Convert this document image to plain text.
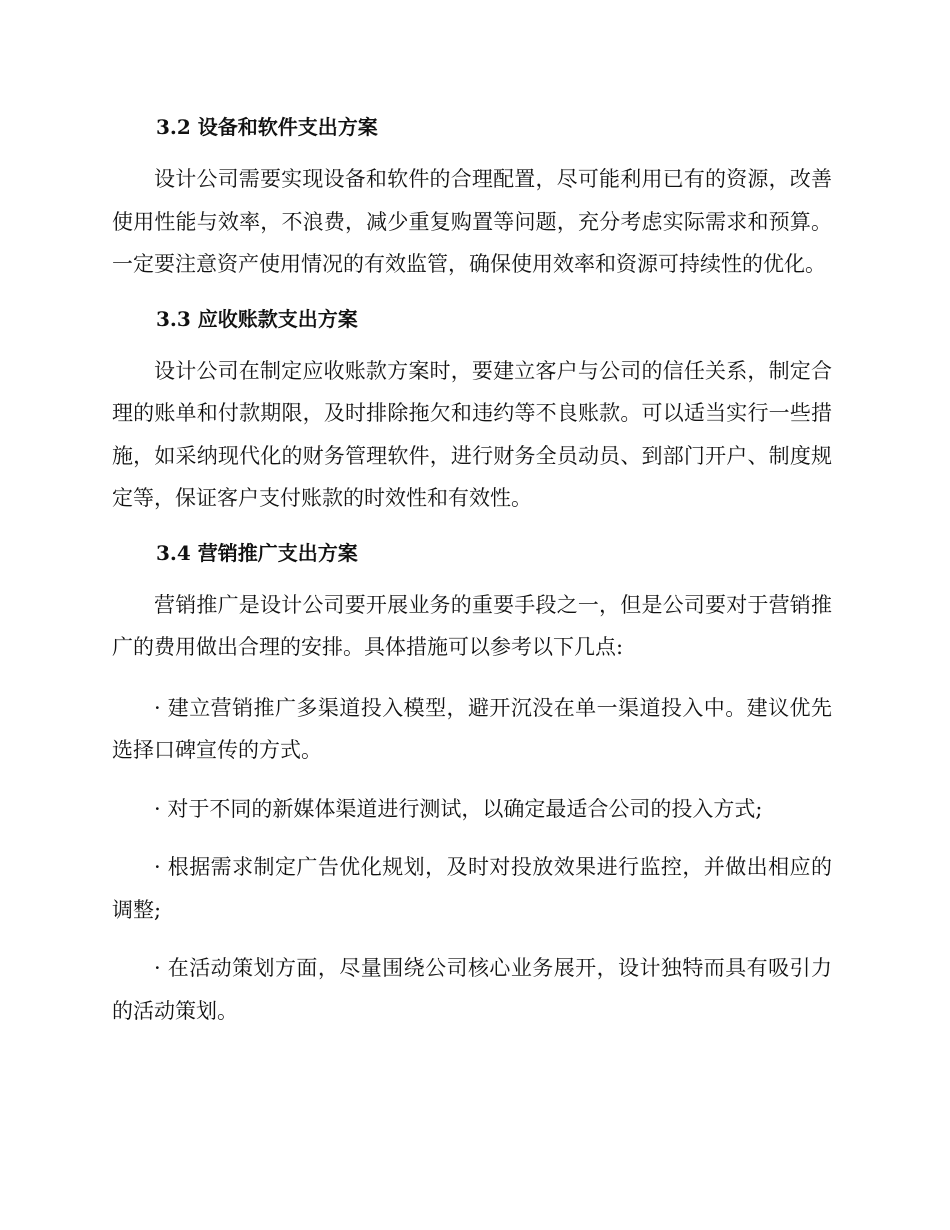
3.2 设备和软件支出方案

设计公司需要实现设备和软件的合理配置，尽可能利用已有的资源，改善使用性能与效率，不浪费，减少重复购置等问题，充分考虑实际需求和预算。一定要注意资产使用情况的有效监管，确保使用效率和资源可持续性的优化。

3.3 应收账款支出方案

设计公司在制定应收账款方案时，要建立客户与公司的信任关系，制定合理的账单和付款期限，及时排除拖欠和违约等不良账款。可以适当实行一些措施，如采纳现代化的财务管理软件，进行财务全员动员、到部门开户、制度规定等，保证客户支付账款的时效性和有效性。

3.4 营销推广支出方案

营销推广是设计公司要开展业务的重要手段之一，但是公司要对于营销推广的费用做出合理的安排。具体措施可以参考以下几点:

· 建立营销推广多渠道投入模型，避开沉没在单一渠道投入中。建议优先选择口碑宣传的方式。

· 对于不同的新媒体渠道进行测试，以确定最适合公司的投入方式;

· 根据需求制定广告优化规划，及时对投放效果进行监控，并做出相应的调整;

· 在活动策划方面，尽量围绕公司核心业务展开，设计独特而具有吸引力的活动策划。
